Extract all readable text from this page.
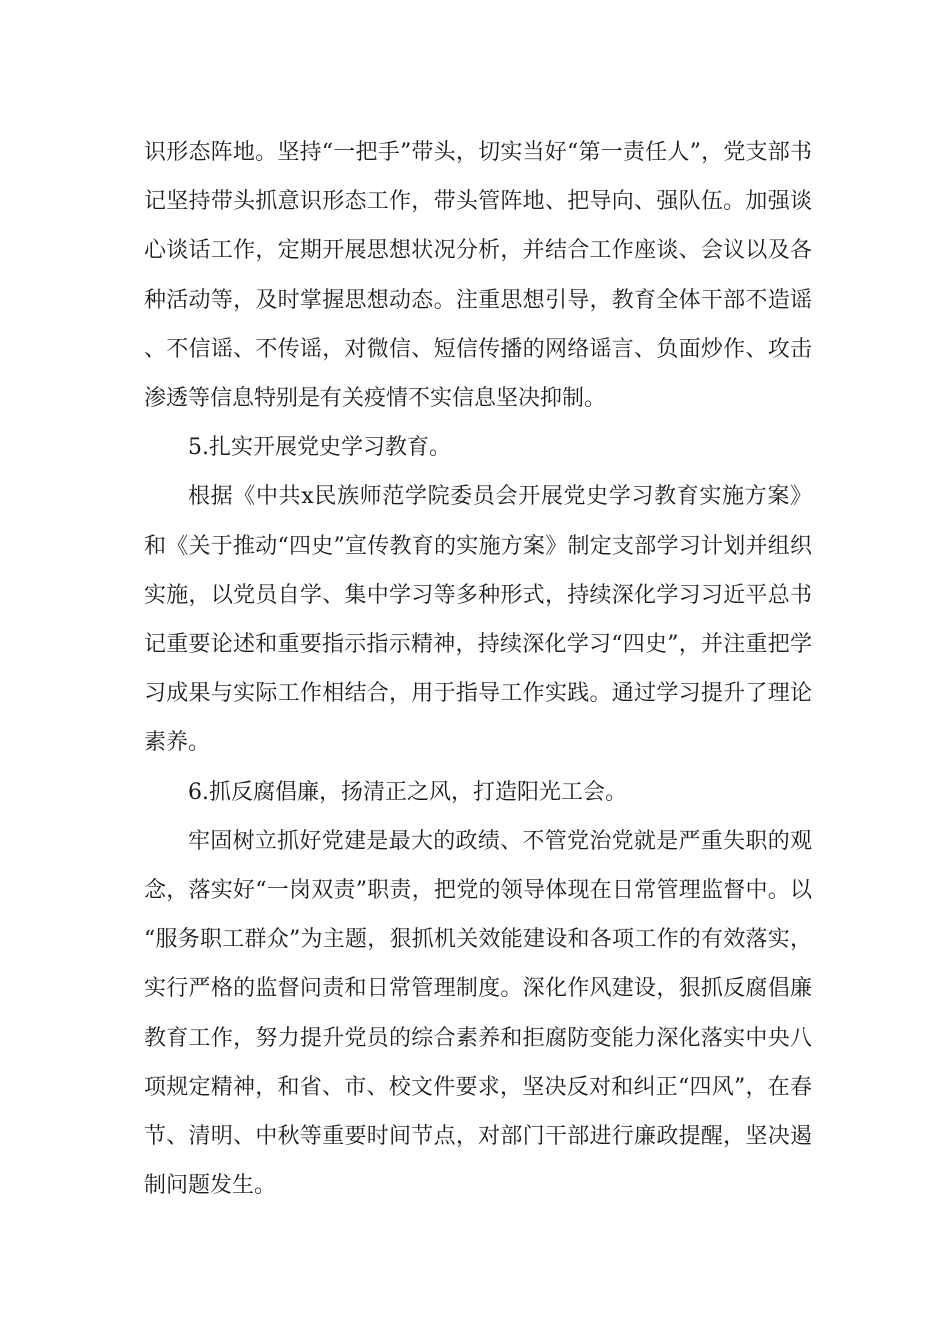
识形态阵地。坚持“一把手”带头，切实当好“第一责任人”，党支部书记坚持带头抓意识形态工作，带头管阵地、把导向、强队伍。加强谈心谈话工作，定期开展思想状况分析，并结合工作座谈、会议以及各种活动等，及时掌握思想动态。注重思想引导，教育全体干部不造谣、不信谣、不传谣，对微信、短信传播的网络谣言、负面炒作、攻击渗透等信息特别是有关疫情不实信息坚决抑制。

5.扎实开展党史学习教育。

根据《中共x民族师范学院委员会开展党史学习教育实施方案》和《关于推动“四史”宣传教育的实施方案》制定支部学习计划并组织实施，以党员自学、集中学习等多种形式，持续深化学习习近平总书记重要论述和重要指示指示精神，持续深化学习“四史”，并注重把学习成果与实际工作相结合，用于指导工作实践。通过学习提升了理论素养。

6.抓反腐倡廉，扬清正之风，打造阳光工会。

牢固树立抓好党建是最大的政绩、不管党治党就是严重失职的观念，落实好“一岗双责”职责，把党的领导体现在日常管理监督中。以“服务职工群众”为主题，狠抓机关效能建设和各项工作的有效落实，实行严格的监督问责和日常管理制度。深化作风建设，狠抓反腐倡廉教育工作，努力提升党员的综合素养和拒腐防变能力深化落实中央八项规定精神，和省、市、校文件要求，坚决反对和纠正“四风”，在春节、清明、中秋等重要时间节点，对部门干部进行廉政提醒，坚决遏制问题发生。
